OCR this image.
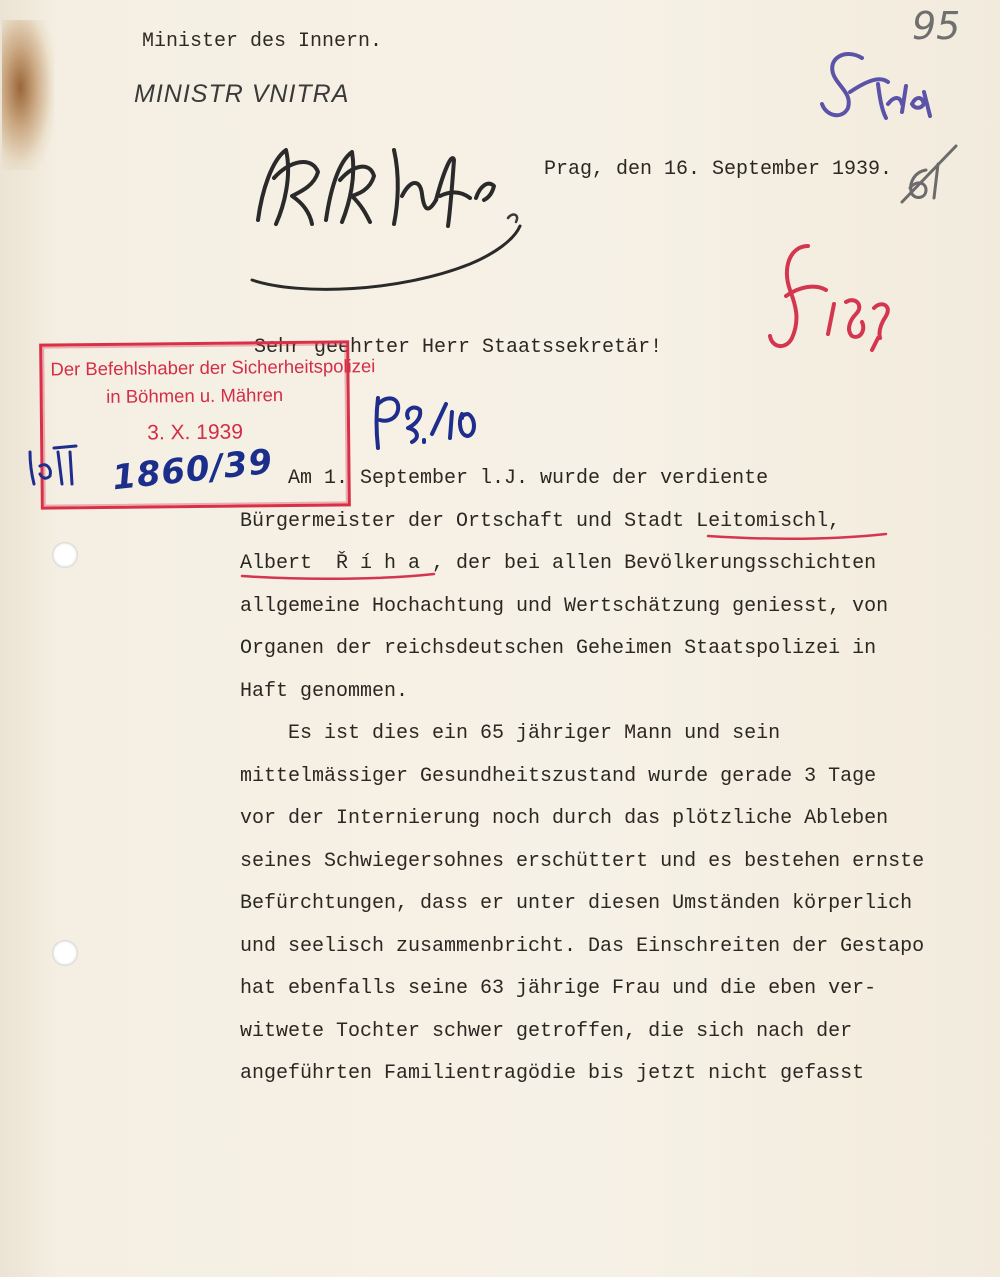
Minister des Innern.
MINISTR VNITRA
95
Prag, den 16. September 1939.
Sehr geehrter Herr Staatssekretär!
Am 1. September l.J. wurde der verdiente
Bürgermeister der Ortschaft und Stadt Leitomischl,
Albert  Ř í h a , der bei allen Bevölkerungsschichten
allgemeine Hochachtung und Wertschätzung geniesst, von
Organen der reichsdeutschen Geheimen Staatspolizei in
Haft genommen.
Es ist dies ein 65 jähriger Mann und sein
mittelmässiger Gesundheitszustand wurde gerade 3 Tage
vor der Internierung noch durch das plötzliche Ableben
seines Schwiegersohnes erschüttert und es bestehen ernste
Befürchtungen, dass er unter diesen Umständen körperlich
und seelisch zusammenbricht. Das Einschreiten der Gestapo
hat ebenfalls seine 63 jährige Frau und die eben ver-
witwete Tochter schwer getroffen, die sich nach der
angeführten Familientragödie bis jetzt nicht gefasst
Der Befehlshaber der Sicherheitspolizei
in Böhmen u. Mähren
3. X. 1939
1860/39
